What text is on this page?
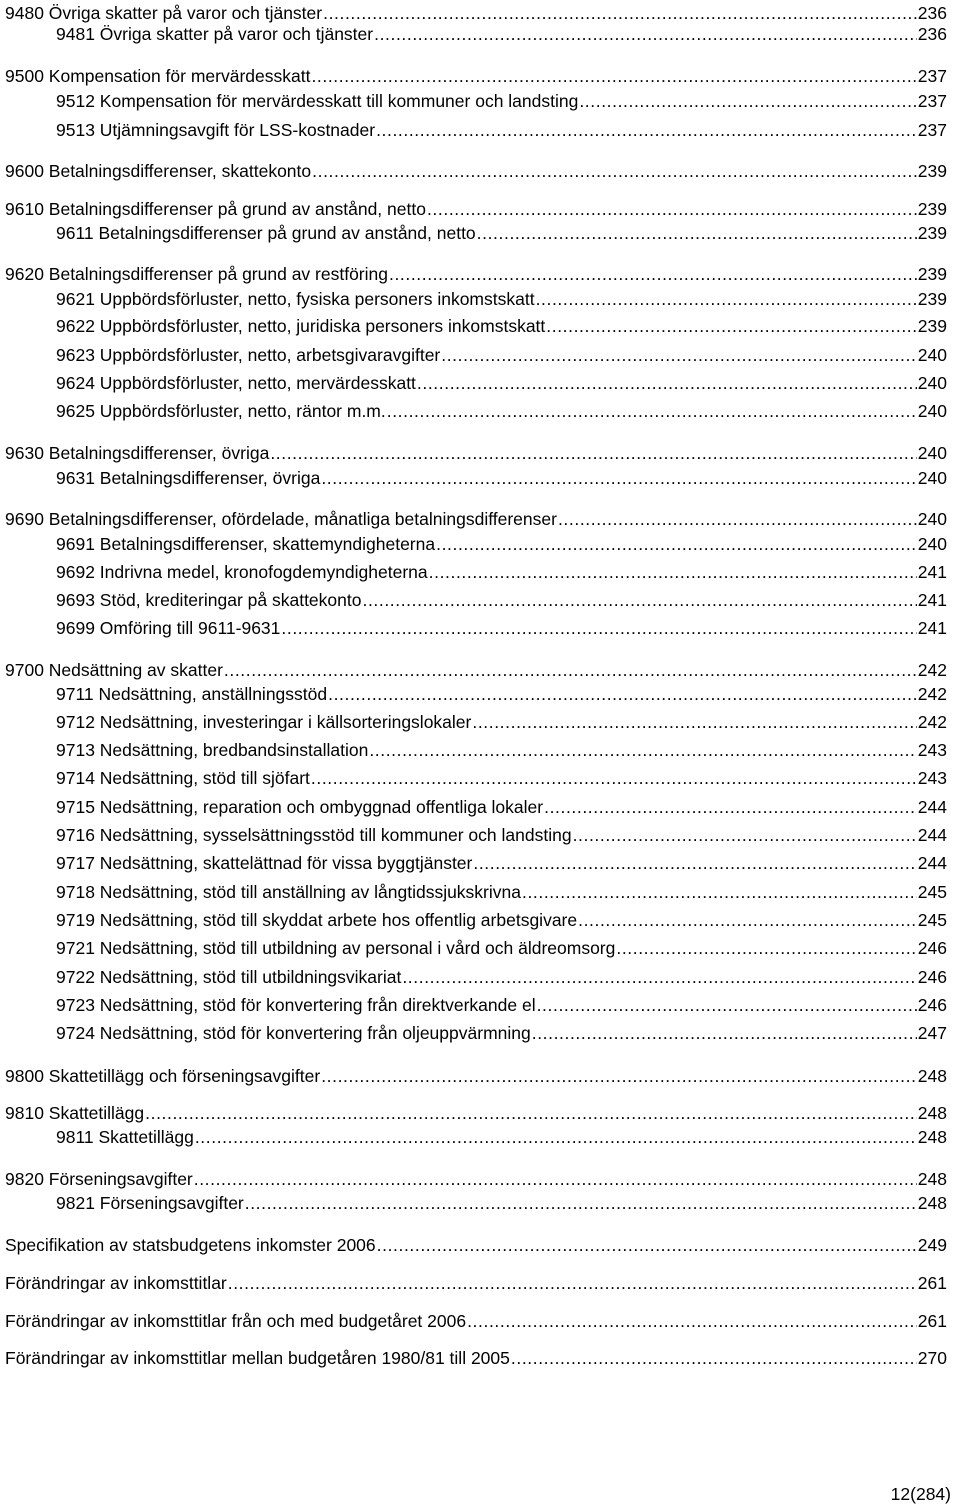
9480 Övriga skatter på varor och tjänster .....	236
9481 Övriga skatter på varor och tjänster .....	236
9500 Kompensation för mervärdesskatt .....	237
9512 Kompensation för mervärdesskatt till kommuner och landsting .....	237
9513 Utjämningsavgift för LSS-kostnader .....	237
9600 Betalningsdifferenser, skattekonto .....	239
9610 Betalningsdifferenser på grund av anstånd, netto .....	239
9611 Betalningsdifferenser på grund av anstånd, netto .....	239
9620 Betalningsdifferenser på grund av restföring .....	239
9621 Uppbördsförluster, netto, fysiska personers inkomstskatt .....	239
9622 Uppbördsförluster, netto, juridiska personers inkomstskatt .....	239
9623 Uppbördsförluster, netto, arbetsgivaravgifter .....	240
9624 Uppbördsförluster, netto, mervärdesskatt .....	240
9625 Uppbördsförluster, netto, räntor m.m. .....	240
9630 Betalningsdifferenser, övriga .....	240
9631 Betalningsdifferenser, övriga .....	240
9690 Betalningsdifferenser, ofördelade, månatliga betalningsdifferenser .....	240
9691 Betalningsdifferenser, skattemyndigheterna .....	240
9692 Indrivna medel, kronofogdemyndigheterna .....	241
9693 Stöd, krediteringar på skattekonto .....	241
9699 Omföring till 9611-9631 .....	241
9700 Nedsättning av skatter .....	242
9711 Nedsättning, anställningsstöd .....	242
9712 Nedsättning, investeringar i källsorteringslokaler .....	242
9713 Nedsättning, bredbandsinstallation .....	243
9714 Nedsättning, stöd till sjöfart .....	243
9715 Nedsättning, reparation och ombyggnad offentliga lokaler .....	244
9716 Nedsättning, sysselsättningsstöd till kommuner och landsting .....	244
9717 Nedsättning, skattelättnad för vissa byggtjänster .....	244
9718 Nedsättning, stöd till anställning av långtidssjukskrivna .....	245
9719 Nedsättning, stöd till skyddat arbete hos offentlig arbetsgivare .....	245
9721 Nedsättning, stöd till utbildning av personal i vård och äldreomsorg .....	246
9722 Nedsättning, stöd till utbildningsvikariat .....	246
9723 Nedsättning, stöd för konvertering från direktverkande el .....	246
9724 Nedsättning, stöd för konvertering från oljeuppvärmning .....	247
9800 Skattetillägg och förseningsavgifter .....	248
9810 Skattetillägg .....	248
9811 Skattetillägg .....	248
9820 Förseningsavgifter .....	248
9821 Förseningsavgifter .....	248
Specifikation av statsbudgetens inkomster 2006 .....	249
Förändringar av inkomsttitlar .....	261
Förändringar av inkomsttitlar från och med budgetåret 2006 .....	261
Förändringar av inkomsttitlar mellan budgetåren 1980/81 till 2005 .....	270
12(284)
